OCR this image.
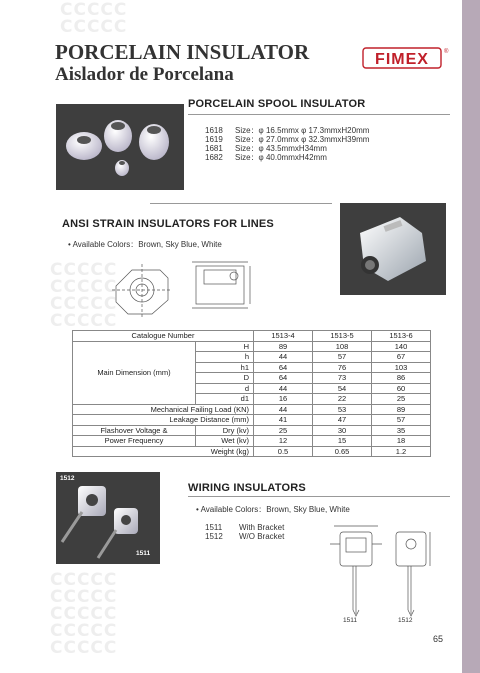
ⅭⅭⅭⅭⅭ
ⅭⅭⅭⅭⅭ
ⅭⅭⅭⅭⅭ
ⅭⅭⅭⅭⅭ
ⅭⅭⅭⅭⅭ
ⅭⅭⅭⅭⅭ
ⅭⅭⅭⅭⅭ
ⅭⅭⅭⅭⅭ
ⅭⅭⅭⅭⅭ
ⅭⅭⅭⅭⅭ
ⅭⅭⅭⅭⅭ
PORCELAIN INSULATOR
Aislador de Porcelana
FIMEX	®
PORCELAIN SPOOL INSULATOR
1618 Size：φ 16.5mmx φ 17.3mmxH20mm
1619 Size：φ 27.0mmx φ 32.3mmxH39mm
1681 Size：φ 43.5mmxH34mm
1682 Size：φ 40.0mmxH42mm
ANSI STRAIN INSULATORS FOR LINES
• Available Colors：Brown, Sky Blue, White
Catalogue Number		1513-4	1513-5	1513-6
Main Dimension (mm)	H	89	108	140
	h	44	57	67
	h1	64	76	103
	D	64	73	86
	d	44	54	60
	d1	16	22	25
Mechanical Failing Load (KN)		44	53	89
Leakage Distance (mm)		41	47	57
Flashover Voltage &	Dry (kv)	25	30	35
Power Frequency	Wet (kv)	12	15	18
Weight (kg)		0.5	0.65	1.2
1512
1511
WIRING INSULATORS
• Available Colors：Brown, Sky Blue, White
1511 With Bracket
1512 W/O Bracket
1511	1512
65
